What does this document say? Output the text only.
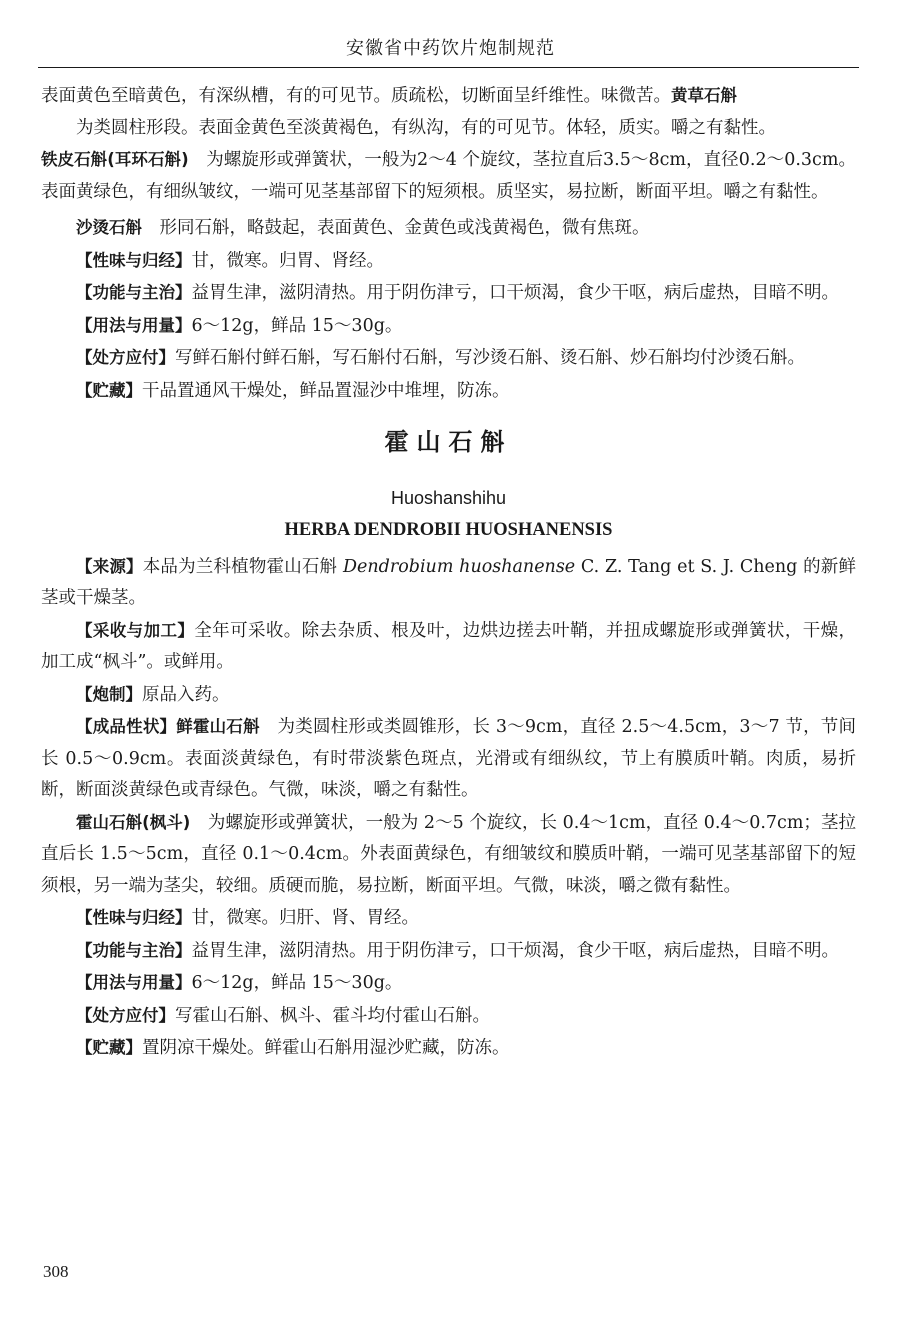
安徽省中药饮片炮制规范

表面黄色至暗黄色，有深纵槽，有的可见节。质疏松，切断面呈纤维性。味微苦。黄草石斛

为类圆柱形段。表面金黄色至淡黄褐色，有纵沟，有的可见节。体轻，质实。嚼之有黏性。

铁皮石斛(耳环石斛)　 为螺旋形或弹簧状，一般为2～4 个旋纹，茎拉直后3.5～8cm，直径0.2～0.3cm。表面黄绿色，有细纵皱纹，一端可见茎基部留下的短须根。质坚实，易拉断，断面平坦。嚼之有黏性。

沙烫石斛　 形同石斛，略鼓起，表面黄色、金黄色或浅黄褐色，微有焦斑。

【性味与归经】甘，微寒。归胃、肾经。

【功能与主治】益胃生津，滋阴清热。用于阴伤津亏，口干烦渴，食少干呕，病后虚热，目暗不明。

【用法与用量】6～12g，鲜品 15～30g。

【处方应付】写鲜石斛付鲜石斛，写石斛付石斛，写沙烫石斛、烫石斛、炒石斛均付沙烫石斛。

【贮藏】干品置通风干燥处，鲜品置湿沙中堆埋，防冻。

霍山石斛
Huoshanshihu
HERBA DENDROBII HUOSHANENSIS

【来源】本品为兰科植物霍山石斛 Dendrobium huoshanense C. Z. Tang et S. J. Cheng 的新鲜茎或干燥茎。

【采收与加工】全年可采收。除去杂质、根及叶，边烘边搓去叶鞘，并扭成螺旋形或弹簧状，干燥，加工成“枫斗”。或鲜用。

【炮制】原品入药。

【成品性状】鲜霍山石斛　 为类圆柱形或类圆锥形，长 3～9cm，直径 2.5～4.5cm，3～7 节，节间长 0.5～0.9cm。表面淡黄绿色，有时带淡紫色斑点，光滑或有细纵纹，节上有膜质叶鞘。肉质，易折断，断面淡黄绿色或青绿色。气微，味淡，嚼之有黏性。

霍山石斛(枫斗)　 为螺旋形或弹簧状，一般为 2～5 个旋纹，长 0.4～1cm，直径 0.4～0.7cm；茎拉直后长 1.5～5cm，直径 0.1～0.4cm。外表面黄绿色，有细皱纹和膜质叶鞘，一端可见茎基部留下的短须根，另一端为茎尖，较细。质硬而脆，易拉断，断面平坦。气微，味淡，嚼之微有黏性。

【性味与归经】甘，微寒。归肝、肾、胃经。

【功能与主治】益胃生津，滋阴清热。用于阴伤津亏，口干烦渴，食少干呕，病后虚热，目暗不明。

【用法与用量】6～12g，鲜品 15～30g。

【处方应付】写霍山石斛、枫斗、霍斗均付霍山石斛。

【贮藏】置阴凉干燥处。鲜霍山石斛用湿沙贮藏，防冻。

308
